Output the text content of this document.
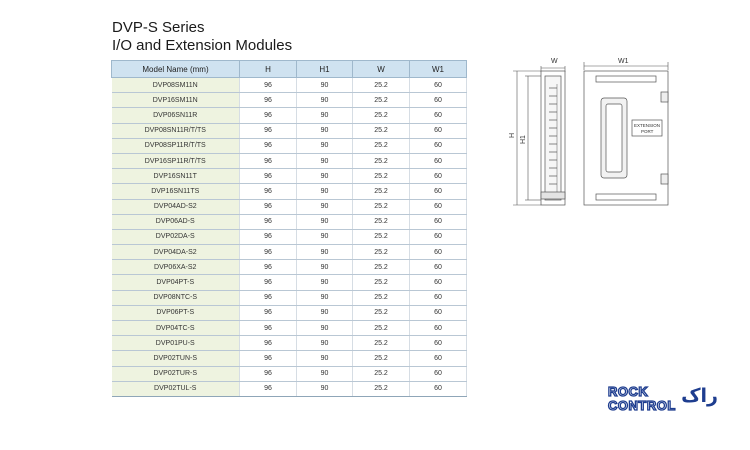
DVP-S Series
I/O and Extension Modules
Model Name (mm)	H	H1	W	W1
DVP08SM11N	96	90	25.2	60
DVP16SM11N	96	90	25.2	60
DVP06SN11R	96	90	25.2	60
DVP08SN11R/T/TS	96	90	25.2	60
DVP08SP11R/T/TS	96	90	25.2	60
DVP16SP11R/T/TS	96	90	25.2	60
DVP16SN11T	96	90	25.2	60
DVP16SN11TS	96	90	25.2	60
DVP04AD-S2	96	90	25.2	60
DVP06AD-S	96	90	25.2	60
DVP02DA-S	96	90	25.2	60
DVP04DA-S2	96	90	25.2	60
DVP06XA-S2	96	90	25.2	60
DVP04PT-S	96	90	25.2	60
DVP08NTC-S	96	90	25.2	60
DVP06PT-S	96	90	25.2	60
DVP04TC-S	96	90	25.2	60
DVP01PU-S	96	90	25.2	60
DVP02TUN-S	96	90	25.2	60
DVP02TUR-S	96	90	25.2	60
DVP02TUL-S	96	90	25.2	60
W	W1
H H1
EXTENSION
PORT
ROCK
CONTROL راک
